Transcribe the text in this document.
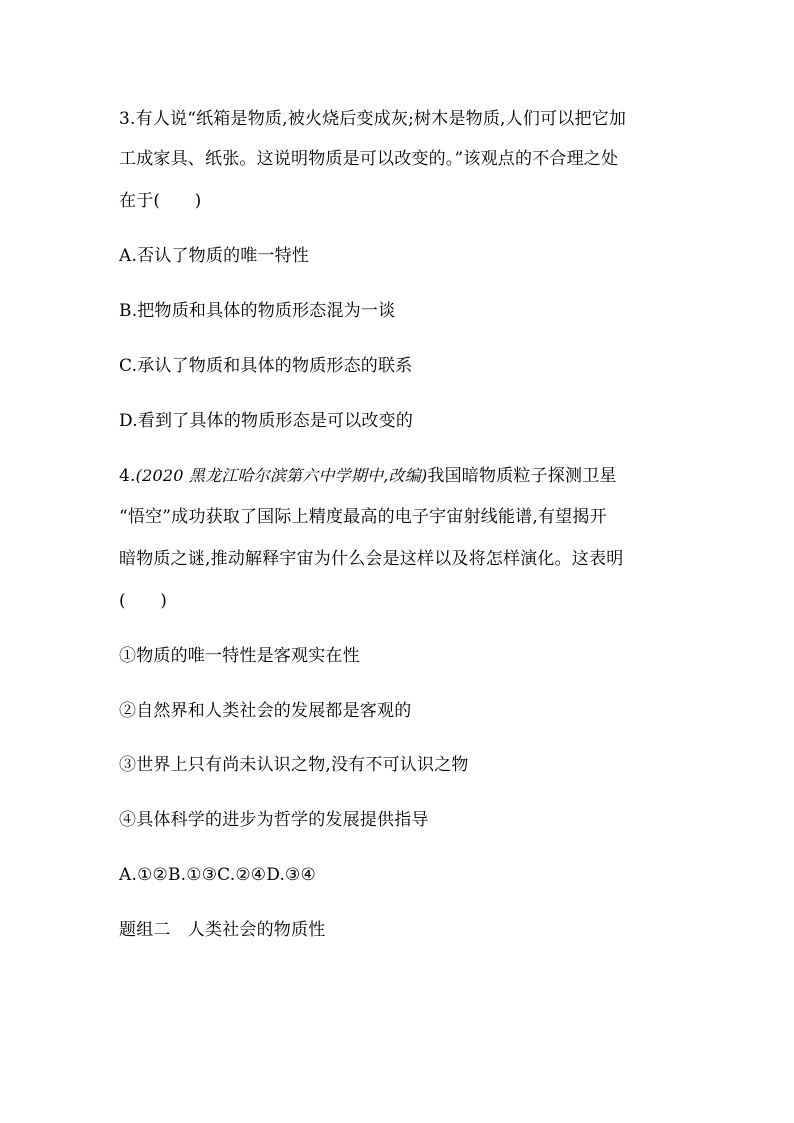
3.有人说“纸箱是物质,被火烧后变成灰;树木是物质,人们可以把它加
工成家具、纸张。这说明物质是可以改变的。”该观点的不合理之处
在于(　　)
A.否认了物质的唯一特性
B.把物质和具体的物质形态混为一谈
C.承认了物质和具体的物质形态的联系
D.看到了具体的物质形态是可以改变的
4.(2020 黑龙江哈尔滨第六中学期中,改编)我国暗物质粒子探测卫星
“悟空”成功获取了国际上精度最高的电子宇宙射线能谱,有望揭开
暗物质之谜,推动解释宇宙为什么会是这样以及将怎样演化。这表明
(　　)
①物质的唯一特性是客观实在性
②自然界和人类社会的发展都是客观的
③世界上只有尚未认识之物,没有不可认识之物
④具体科学的进步为哲学的发展提供指导
A.①②B.①③C.②④D.③④
题组二　人类社会的物质性
